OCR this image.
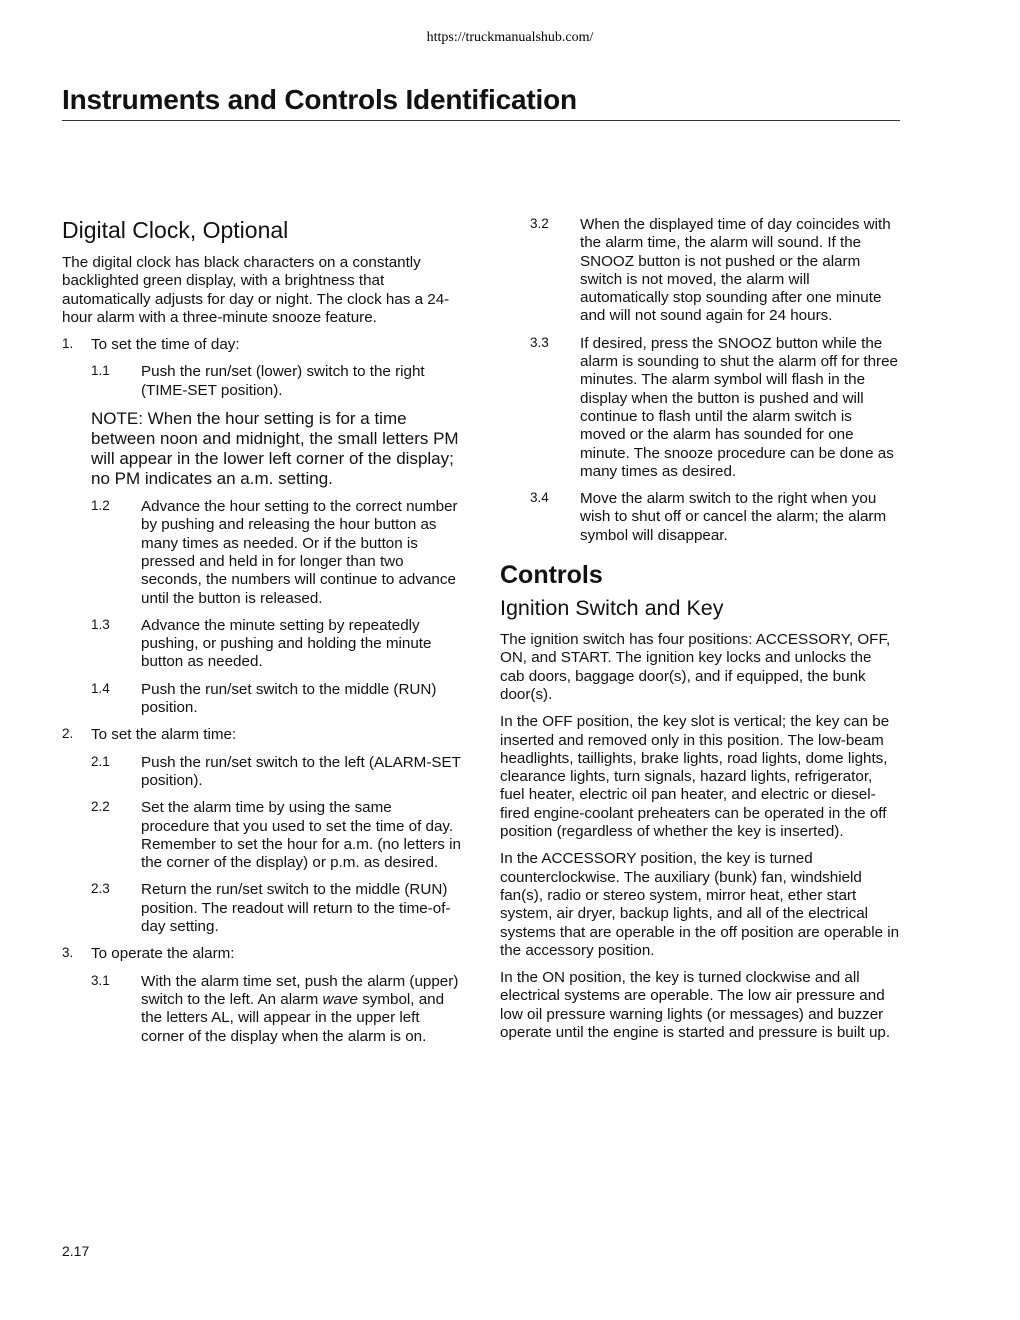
https://truckmanualshub.com/
Instruments and Controls Identification
Digital Clock, Optional

The digital clock has black characters on a constantly backlighted green display, with a brightness that automatically adjusts for day or night. The clock has a 24-hour alarm with a three-minute snooze feature.

1. To set the time of day:
1.1 Push the run/set (lower) switch to the right (TIME-SET position).

NOTE: When the hour setting is for a time between noon and midnight, the small letters PM will appear in the lower left corner of the display; no PM indicates an a.m. setting.

1.2 Advance the hour setting to the correct number by pushing and releasing the hour button as many times as needed. Or if the button is pressed and held in for longer than two seconds, the numbers will continue to advance until the button is released.
1.3 Advance the minute setting by repeatedly pushing, or pushing and holding the minute button as needed.
1.4 Push the run/set switch to the middle (RUN) position.
2. To set the alarm time:
2.1 Push the run/set switch to the left (ALARM-SET position).
2.2 Set the alarm time by using the same procedure that you used to set the time of day. Remember to set the hour for a.m. (no letters in the corner of the display) or p.m. as desired.
2.3 Return the run/set switch to the middle (RUN) position. The readout will return to the time-of-day setting.
3. To operate the alarm:
3.1 With the alarm time set, push the alarm (upper) switch to the left. An alarm wave symbol, and the letters AL, will appear in the upper left corner of the display when the alarm is on.
3.2 When the displayed time of day coincides with the alarm time, the alarm will sound. If the SNOOZ button is not pushed or the alarm switch is not moved, the alarm will automatically stop sounding after one minute and will not sound again for 24 hours.
3.3 If desired, press the SNOOZ button while the alarm is sounding to shut the alarm off for three minutes. The alarm symbol will flash in the display when the button is pushed and will continue to flash until the alarm switch is moved or the alarm has sounded for one minute. The snooze procedure can be done as many times as desired.
3.4 Move the alarm switch to the right when you wish to shut off or cancel the alarm; the alarm symbol will disappear.
Controls
Ignition Switch and Key

The ignition switch has four positions: ACCESSORY, OFF, ON, and START. The ignition key locks and unlocks the cab doors, baggage door(s), and if equipped, the bunk door(s).

In the OFF position, the key slot is vertical; the key can be inserted and removed only in this position. The low-beam headlights, taillights, brake lights, road lights, dome lights, clearance lights, turn signals, hazard lights, refrigerator, fuel heater, electric oil pan heater, and electric or diesel-fired engine-coolant preheaters can be operated in the off position (regardless of whether the key is inserted).

In the ACCESSORY position, the key is turned counterclockwise. The auxiliary (bunk) fan, windshield fan(s), radio or stereo system, mirror heat, ether start system, air dryer, backup lights, and all of the electrical systems that are operable in the off position are operable in the accessory position.

In the ON position, the key is turned clockwise and all electrical systems are operable. The low air pressure and low oil pressure warning lights (or messages) and buzzer operate until the engine is started and pressure is built up.

2.17
